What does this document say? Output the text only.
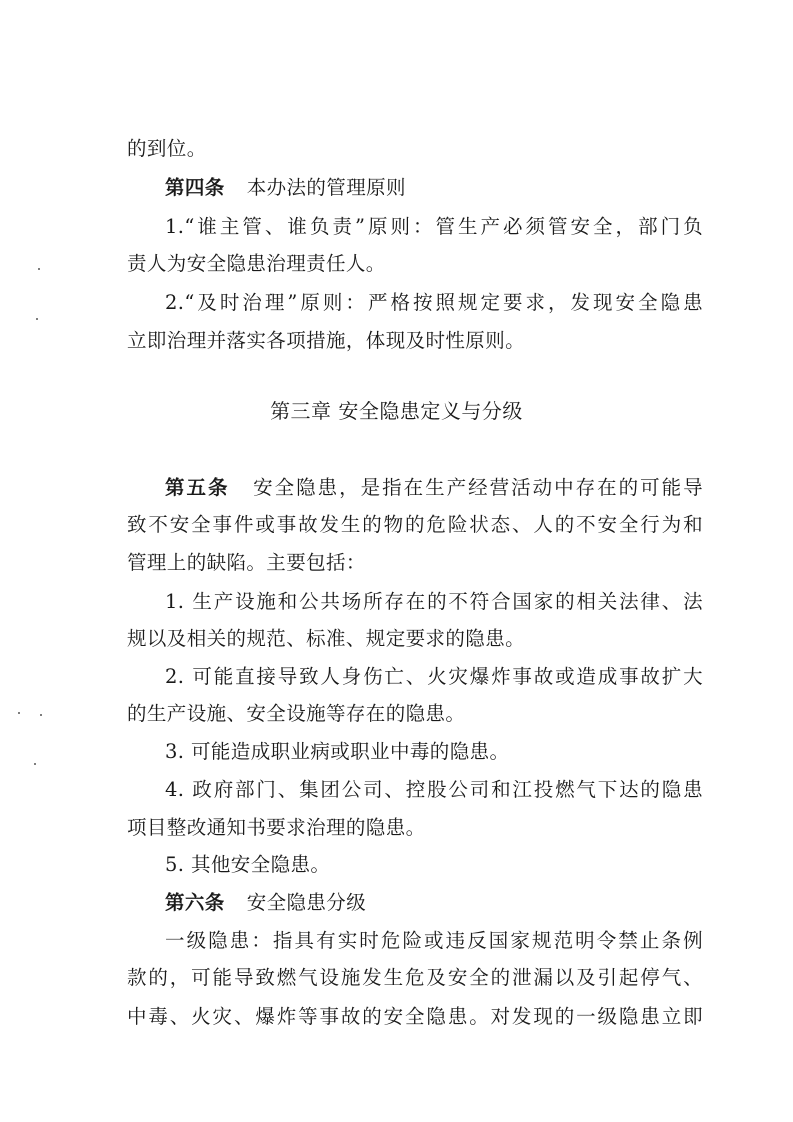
的到位。
第四条 本办法的管理原则
1.“谁主管、谁负责”原则：管生产必须管安全，部门负
责人为安全隐患治理责任人。
2.“及时治理”原则：严格按照规定要求，发现安全隐患
立即治理并落实各项措施，体现及时性原则。
第三章 安全隐患定义与分级
第五条 安全隐患，是指在生产经营活动中存在的可能导
致不安全事件或事故发生的物的危险状态、人的不安全行为和
管理上的缺陷。主要包括：
1. 生产设施和公共场所存在的不符合国家的相关法律、法
规以及相关的规范、标准、规定要求的隐患。
2. 可能直接导致人身伤亡、火灾爆炸事故或造成事故扩大
的生产设施、安全设施等存在的隐患。
3. 可能造成职业病或职业中毒的隐患。
4. 政府部门、集团公司、控股公司和江投燃气下达的隐患
项目整改通知书要求治理的隐患。
5. 其他安全隐患。
第六条 安全隐患分级
一级隐患：指具有实时危险或违反国家规范明令禁止条例
款的，可能导致燃气设施发生危及安全的泄漏以及引起停气、
中毒、火灾、爆炸等事故的安全隐患。对发现的一级隐患立即
